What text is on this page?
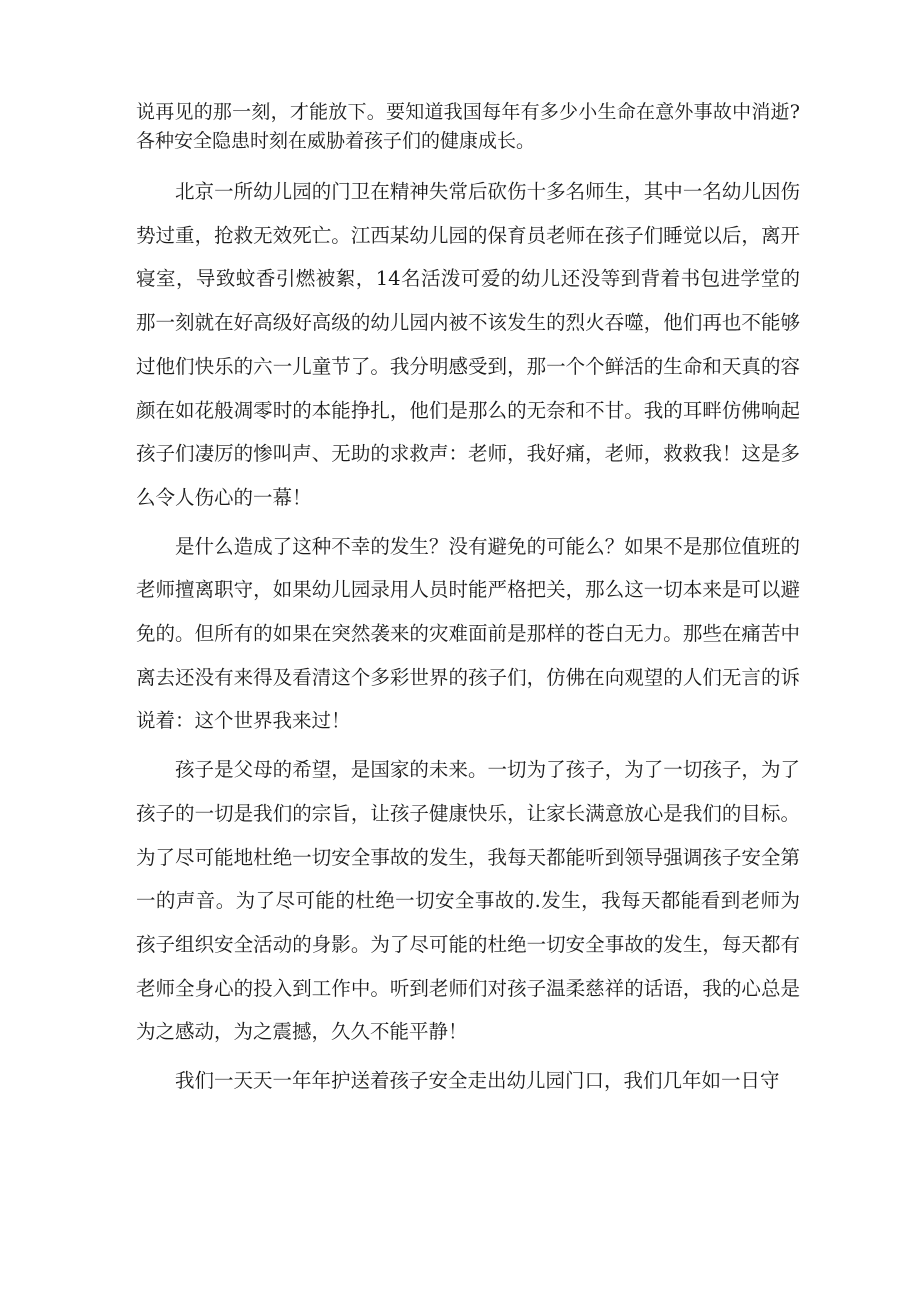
说再见的那一刻，才能放下。要知道我国每年有多少小生命在意外事故中消逝?各种安全隐患时刻在威胁着孩子们的健康成长。

北京一所幼儿园的门卫在精神失常后砍伤十多名师生，其中一名幼儿因伤势过重，抢救无效死亡。江西某幼儿园的保育员老师在孩子们睡觉以后，离开寝室，导致蚊香引燃被絮，14名活泼可爱的幼儿还没等到背着书包进学堂的那一刻就在好高级好高级的幼儿园内被不该发生的烈火吞噬，他们再也不能够过他们快乐的六一儿童节了。我分明感受到，那一个个鲜活的生命和天真的容颜在如花般凋零时的本能挣扎，他们是那么的无奈和不甘。我的耳畔仿佛响起孩子们凄厉的惨叫声、无助的求救声：老师，我好痛，老师，救救我！这是多么令人伤心的一幕！

是什么造成了这种不幸的发生？没有避免的可能么？如果不是那位值班的老师擅离职守，如果幼儿园录用人员时能严格把关，那么这一切本来是可以避免的。但所有的如果在突然袭来的灾难面前是那样的苍白无力。那些在痛苦中离去还没有来得及看清这个多彩世界的孩子们，仿佛在向观望的人们无言的诉说着：这个世界我来过！

孩子是父母的希望，是国家的未来。一切为了孩子，为了一切孩子，为了孩子的一切是我们的宗旨，让孩子健康快乐，让家长满意放心是我们的目标。为了尽可能地杜绝一切安全事故的发生，我每天都能听到领导强调孩子安全第一的声音。为了尽可能的杜绝一切安全事故的.发生，我每天都能看到老师为孩子组织安全活动的身影。为了尽可能的杜绝一切安全事故的发生，每天都有老师全身心的投入到工作中。听到老师们对孩子温柔慈祥的话语，我的心总是为之感动，为之震撼，久久不能平静！

我们一天天一年年护送着孩子安全走出幼儿园门口，我们几年如一日守
